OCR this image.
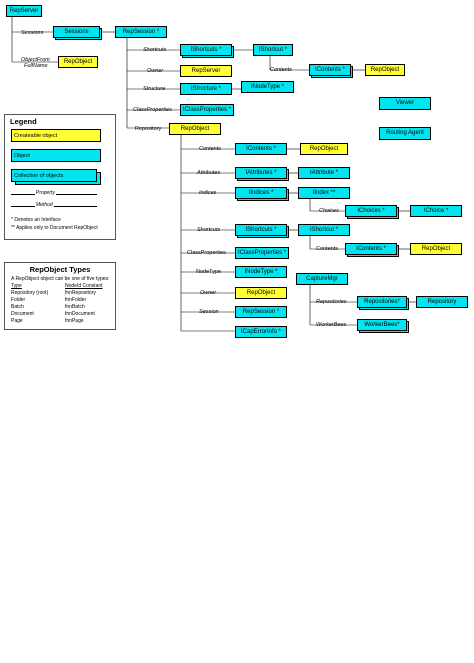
RepServer
Sessions	RepSession *
RepObject
IShortcuts *	IShortcut *
IContents *	RepObject
RepServer
IStructure *	INodeType *
IClassProperties *
RepObject
Viewer
Routing Agent
IContents *	RepObject
IAttributes *	IAttribute *
IIndices *	IIndex **
IChoices *	IChoice *
IShortcuts *	IShortcut *
IContents *	RepObject
IClassProperties *
INodeType *
CaptureMgr
RepObject
Repositories*	Repository
RepSession *
WorkerBees*
ICapErrorInfo *
Sessions
ObjectFrom
FullName
Shortcuts
Contents
Owner
Structure
ClassProperties
Repository
Contents
Attributes
Indices
Choices
Shortcuts
Contents
ClassProperties
NodeType
Owner
Session
Repositories
WorkerBees
Legend
Createable object
Object
Collection of objects
Property
Method
* Denotes an Interface
** Applies only to Document RepObject
RepObject Types
A RepObject object can be one of five types:
Type	NodeId Constant
Repository (root)	fnnRepository
Folder	fnnFolder
Batch	fnnBatch
Document	fnnDocument
Page	fnnPage
